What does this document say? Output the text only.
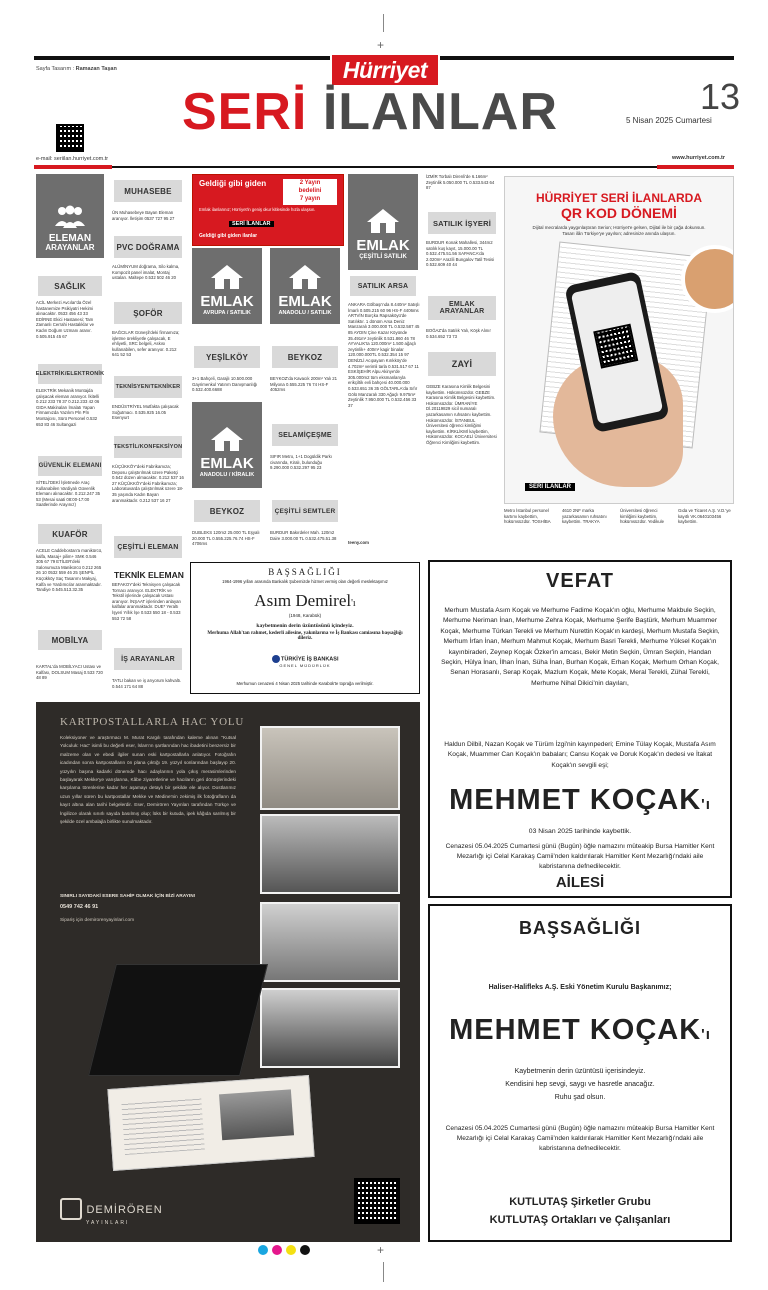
+
+
Hürriyet
Sayfa Tasarım : Ramazan Taşan
SERİ İLANLAR	13
5 Nisan 2025 Cumartesi
e-mail: seriilan.hurriyet.com.tr	www.hurriyet.com.tr
ELEMAN
ARAYANLAR
SAĞLIK
ACİL Merkezi Avcılar'da Özel hastanemize Psikiyatri Hekimi alınacaktır. 0533 456 43 33 EDİRNE Ekici Hastanesi; Tam Zamanlı Cerrahi Hastalıklar ve Kadın Doğum Uzmanı aranır. 0.505.915 45 67
ELEKTRİK/ELEKTRONİK
ELEKTRİK Mekanik Montajda çalışacak eleman aranıyor. İkitelli 0.212 233 78 37 0.212.233 42 06 GIDA Makinaları İmalatı Yapan Firmamızda Yazılım Pİn Pİn Montajcısı, Sürü Personel 0.532 653 83 46 Sultangazi
GÜVENLİK ELEMANI
SİTELİ'DEKİ İşletmede Araç Kullanabilen Vardiyalı Güvenlik Elemanı alınacaktır. 0.212.247 35 53 (Mesai saati 08:00-17:00 Saatlerinde Arayınız)
KUAFÖR
ACELE Caddebostan'a manikürcü, kalfa, Masaj+ pilim+ SMK 0.546 305 67 79 ETİLER'deki Salonumuza Manikürcü 0.212 265 26 10 0532 559 46 25 ŞENPİL Küçükköy Saç Tasarımı Makyaj, Kalfa ve Yardımcılar aranmaktadır. Tandiye 0.545.513.32.35
MOBİLYA
KARTAL'da MOBİLYACI Ustası ve Kalfası, DOLSUM Masaj 0.533 720 48 89
MUHASEBE
ÜN Muhasebeye Bayan Eleman aranıyor. İletişim 0537 727 95 27
PVC DOĞRAMA
ALÜMİNYUM doğrama, Silo kalma, Kompozit panel imalat, Montaj ustaları. Maltepe 0.532 502 46 20
ŞOFÖR
BAĞCILAR Güneşli'deki firmamıza; işletme ürekliyetle çalışacak, E ehliyetli, SRC belgeli, Askısı kullanabilen, sefer aranıyor. 0.212 641 52 53
TEKNİSYEN/TEKNİKER
ENDÜSTRİYEL Mutfakta çalışacak Soğutmacı. 0.535.925 16.05 Esenyurt
TEKSTİL/KONFEKSİYON
KÜÇÜKKÖY'deki Fabrikamıza; Deposu çalıştırılmak üzere Paketçi 0.542 düzen almacaktır. 0.212 537 16 27 KÜÇÜKKÖY'deki Fabrikamıza; Laboratuvarda çalıştırılmak üzere 18-35 yaşında Kadın Bayan aranmaktadır. 0.212 537 16 27
ÇEŞİTLİ ELEMAN
TEKNİK ELEMAN
BEFAKOY'deki Teknisyen çalışacak Tornacı aranıyor. ELEKTRİK ve Tekstil işlerinde çalışacak Ustası aranıyor. İNŞAAT işlerinden anlayan kalfalar aranmaktadır. DUE* Yeraltı İşyeri Yıllık İşe 0.533 550 18 - 0.533 553 72 58
İŞ ARAYANLAR
TATLI bakan ve iş arıyorum kahvaltı. 0.544 171 64 88
Geldiği gibi giden	2 Yayın
bedelini
7 yayın
Emlak ilanlarınız; Hürriyet'in geniş okur kitlesinde hızla ulaşsın.
SERİ İLANLAR
Geldiği gibi giden ilanlar
EMLAK
AVRUPA / SATILIK
EMLAK
ANADOLU / SATILIK
YEŞİLKÖY	BEYKOZ
3+1 Bahçeli, Garajlı 10.500.000 Gayrimenkul Yatırım Danışmanlığı 0.532.400.6688
BEYKOZ'da Kavacık 200m² Yalı 21 Milyona 0.555.225 76 74 HS-F 4052ms
EMLAK
ANADOLU / KİRALIK
SELAMİÇEŞME
SIFIR Metro, 1+1 Dogüldik Parkı civarında, Kiralı, bulunduğu 9.290.000 0.532.297 95 23
BEYKOZ	ÇEŞİTLİ SEMTLER
DUBLEKS 120m2 25.000 TL Eşyalı 20.000 TL 0.555.225.76.74 HS-F 4706ms
BURDUR Bakırdeler Mah. 120m2 Daire 3.000.00 TL 0.532.475.51.38
EMLAK
ÇEŞİTLİ SATILIK
SATILIK ARSA
ANKARA Gölbaşı'nda 8.440m² Satışlı İmarlı 0.505.215 60 96 HS-F 4406ms ARTVİN Borçka Rapsaköyü'de Satılıktır. 1 dönüm Arsa Deniz Manzaralı 3.000.000 TL 0.532.587 45 85 AYDIN Çine Kazar Köyünde 35.491m² zeytinlik 0.531.860 46 78 AYVALIK'ta 120.000m² 1.500 ağaçlı zeytinlik+ 400m² kagir binalar 120.000.000TL 0.532.354 15 97 DENİZLİ Acıpayam Kırıkköy'de 4.702m² verimli tarla 0.531.517 67 11 ESKİŞEHİR Alpu Akinye'de 305.000m2 tüm eksmanlarıyla erikçiltik evli bahçesi 40.000.000 0.533.651 36 35 GÖLTARLA'da Sıfır Gölü Manzaralı 330 Ağaçlı 9.975m² Zeytinlik 7.950.000 TL 0.532.456 33 37
teeny.com
İZMİR Torbalı Direnli'de 6.166m² Zeytinlik 5.050.000 TL 0.533.543 64 87
SATILIK İŞYERİ
BURDUR Konak Mahallesi, 344m2 satılık kuş kayıt, 15.000.00 TL 0.532.475.51.56 SAPANCA'da 2.020m² Arazili Bungalov Tatil Tesisi 0.532.609 40 44
EMLAK ARAYANLAR
BOĞAZ'da Satılık Yalı, Köşk Alınır 0.534.652 73 73
ZAYİ
GEBZE Karasına Kimlik Belgesini kaybettim. Hükümsüzdür. GEBZE Karasına Kimlik Belgesini kaybettim. Hükümsüzdür. ÜMRANİYE Dİ.20119829 sicil numaralı yazarkasamın ruhsatını kaybettim. Hükümsüzdür. İSTANBUL Üniversitesi öğrenci kimliğimi kaybettim. KİRKLİKMİ kaybettim, Hükümsüzdür. KOCAELİ Üniversitesi Öğrenci Kimliğimi kaybettim.
HÜRRİYET SERİ İLANLARDA
QR KOD DÖNEMİ
Dijital mecralarda yaygınlaştıran Serion; Hürriyet'e gelsen, Dijital ile bir çağa dokunsun. Tasarı ilân Türkiye'ye yayılsın; adresinize anında ulaşsın.
SERİ İLANLAR
Metro İstanbul personel kartımı kaybettim, hükümsüzdür. TOSHİBA 4610 2NF marka yazarkasamın ruhsatını kaybettim. TRAKYA Üniversitesi öğrenci kimliğimi kaybettim, hükümsüzdür. Yedikule Gıda ve Ticaret A.Ş. V.D.'ye kayıtlı VK.0640103456 kaybettim.
BAŞSAĞLIĞI
1964-1996 yılları arasında Bankalık Şubemizde hizmet vermiş olan değerli meslektaşımız
Asım Demirel'ı
(1948, Karabük)
kaybetmenin derin üzüntüsünü içindeyiz.
Merhuma Allah'tan rahmet, kederli ailesine, yakınlarına ve İş Bankası camiasına başsağlığı dileriz.
TÜRKİYE İŞ BANKASI
GENEL MÜDÜRLÜK
Merhumun cenazesi 4 Nisan 2025 tarihinde Karabük'te toprağa verilmiştir.
VEFAT
Merhum Mustafa Asım Koçak ve Merhume Fadime Koçak'ın oğlu, Merhume Makbule Seçkin, Merhume Neriman İnan, Merhume Zehra Koçak, Merhume Şerife Baştürk, Merhum Muammer Koçak, Merhume Türkan Terekli ve Merhum Nurettin Koçak'ın kardeşi, Merhum Mustafa Seçkin, Merhum İrfan İnan, Merhum Mahmut Koçak, Merhum Basri Terekli, Merhume Yüksel Koçak'ın kayınbiraderi, Zeynep Koçak Özker'in amcası, Bekir Metin Seçkin, Ümran Seçkin, Handan Seçkin, Hülya İnan, İlhan İnan, Süha İnan, Burhan Koçak, Erhan Koçak, Merhum Orhan Koçak, Senan Horasanlı, Serap Koçak, Mazlum Koçak, Mete Koçak, Meral Terekli, Zühal Terekli, Merhume Nihal Dikici'nin dayıları,
Haldun Dilbil, Nazan Koçak ve Türüm İzgi'nin kayınpederi; Emine Tülay Koçak, Mustafa Asım Koçak, Muammer Can Koçak'ın babaları; Cansu Koçak ve Doruk Koçak'ın dedesi ve İtakat Koçak'ın sevgili eşi;
MEHMET KOÇAK'ı
03 Nisan 2025 tarihinde kaybettik.
Cenazesi 05.04.2025 Cumartesi günü (Bugün) öğle namazını müteakip Bursa Hamitler Kent Mezarlığı içi Celal Karakaş Camii'nden kaldırılarak Hamitler Kent Mezarlığı'ndaki aile kabristanına defnedilecektir.
AİLESİ
BAŞSAĞLIĞI
Haliser-Halifleks A.Ş. Eski Yönetim Kurulu Başkanımız;
MEHMET KOÇAK'ı
Kaybetmenin derin üzüntüsü içerisindeyiz.
Kendisini hep sevgi, saygı ve hasretle anacağız.
Ruhu şad olsun.
Cenazesi 05.04.2025 Cumartesi günü (Bugün) öğle namazını müteakip Bursa Hamitler Kent Mezarlığı içi Celal Karakaş Camii'nden kaldırılarak Hamitler Kent Mezarlığı'ndaki aile kabristanına defnedilecektir.
KUTLUTAŞ Şirketler Grubu
KUTLUTAŞ Ortakları ve Çalışanları
KARTPOSTALLARLA HAC YOLU
Koleksiyoner ve araştırmacı M. Murat Kargılı tarafından kaleme alınan "Kutsal Yolculuk: Hac" isimli bu değerli eser, İslam'ın şartlarından hac ibadetini benzersiz bir malzeme olan ve ebedi ilgiler sunan eski kartpostallarla anlatıyor. Fotoğrafın icadından sonra kartpostalların ön plana çıktığı 19. yüzyıl sonlarından başlayıp 20. yüzyılın başına kadarki dönemde hacı adaylarının yola çıkış merasimlerinden başlayarak Mekke'ye varışlarına, Kâbe ziyaretlerine ve hacıların geri dönüşlerindeki karşılama törenlerine kadar her aşamayı detaylı bir şekilde ele alıyor. Dostlarımız uzun yıllar süren bu kartpostallar Mekke ve Medine'nin zekimiş ilk fotoğrafların da kayıt altına alan tarihi belgelerdir. Eser, Demirören Yayınları tarafından Türkçe ve İngilizce olarak sınırlı sayıda basılmış olup; lüks bir kutuda, ipek kâğıda sarılmış bir şekilde özel ambalajla birlikte sunulmaktadır.
SINIRLI SAYIDAKİ ESERE SAHİP OLMAK İÇİN BİZİ ARAYIN!
0549 742 46 91
Sipariş için demirorenyayinlari.com
DEMİRÖREN
YAYINLARI
